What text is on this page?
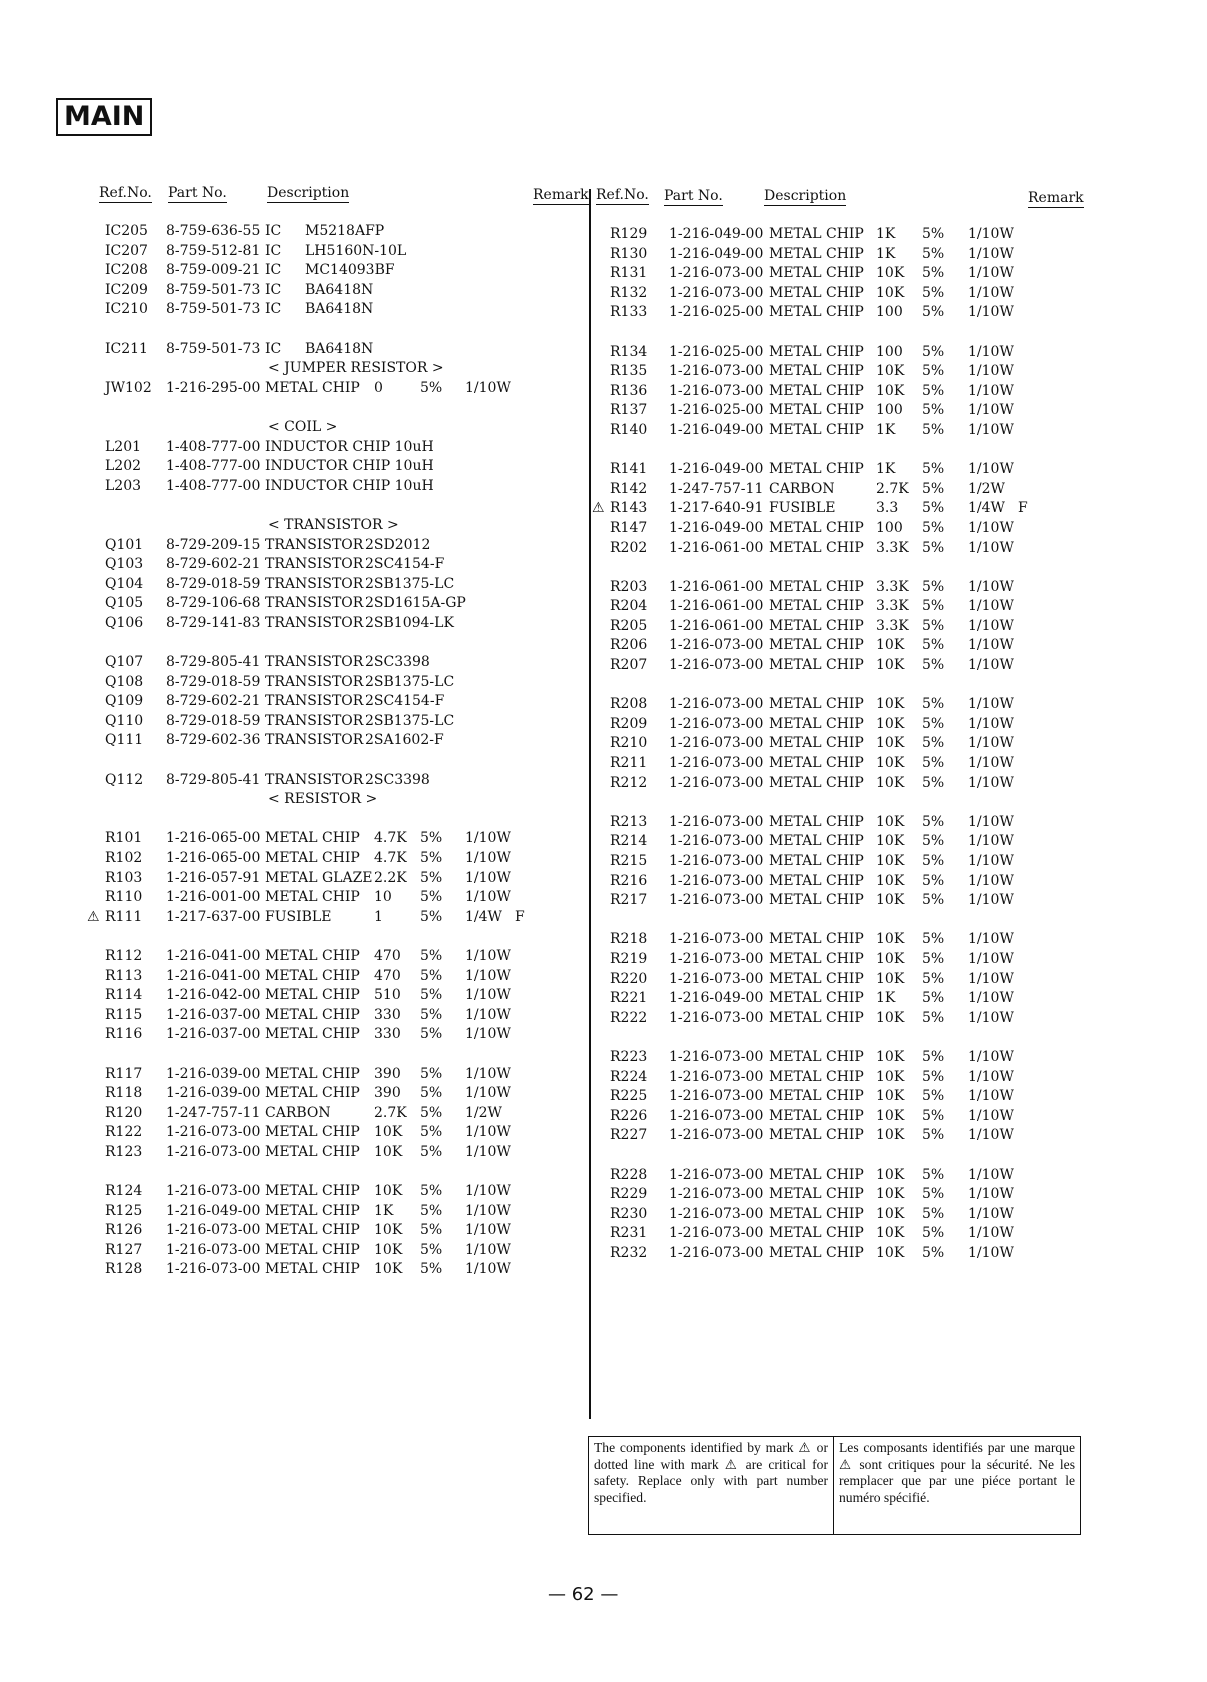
MAIN
Ref.No. Part No.	Description	Remark Ref.No. Part No.	Description	Remark
IC205 8-759-636-55 IC M5218AFP
IC207 8-759-512-81 IC LH5160N-10L
IC208 8-759-009-21 IC MC14093BF
IC209 8-759-501-73 IC BA6418N
IC210 8-759-501-73 IC BA6418N
IC211 8-759-501-73 IC BA6418N
< JUMPER RESISTOR >
JW102 1-216-295-00 METAL CHIP 0	5% 1/10W
< COIL >
L201 1-408-777-00 INDUCTOR CHIP 10uH
L202 1-408-777-00 INDUCTOR CHIP 10uH
L203 1-408-777-00 INDUCTOR CHIP 10uH
< TRANSISTOR >
Q101 8-729-209-15 TRANSISTOR 2SD2012
Q103 8-729-602-21 TRANSISTOR 2SC4154-F
Q104 8-729-018-59 TRANSISTOR 2SB1375-LC
Q105 8-729-106-68 TRANSISTOR 2SD1615A-GP
Q106 8-729-141-83 TRANSISTOR 2SB1094-LK
Q107 8-729-805-41 TRANSISTOR 2SC3398
Q108 8-729-018-59 TRANSISTOR 2SB1375-LC
Q109 8-729-602-21 TRANSISTOR 2SC4154-F
Q110 8-729-018-59 TRANSISTOR 2SB1375-LC
Q111 8-729-602-36 TRANSISTOR 2SA1602-F
Q112 8-729-805-41 TRANSISTOR 2SC3398
< RESISTOR >
R101 1-216-065-00 METAL CHIP 4.7K 5% 1/10W
R102 1-216-065-00 METAL CHIP 4.7K 5% 1/10W
R103 1-216-057-91 METAL GLAZE 2.2K 5% 1/10W
R110 1-216-001-00 METAL CHIP 10 5% 1/10W
⚠ R111 1-217-637-00 FUSIBLE	1	5% 1/4W F
R112 1-216-041-00 METAL CHIP 470 5% 1/10W
R113 1-216-041-00 METAL CHIP 470 5% 1/10W
R114 1-216-042-00 METAL CHIP 510 5% 1/10W
R115 1-216-037-00 METAL CHIP 330 5% 1/10W
R116 1-216-037-00 METAL CHIP 330 5% 1/10W
R117 1-216-039-00 METAL CHIP 390 5% 1/10W
R118 1-216-039-00 METAL CHIP 390 5% 1/10W
R120 1-247-757-11 CARBON	2.7K 5% 1/2W
R122 1-216-073-00 METAL CHIP 10K 5% 1/10W
R123 1-216-073-00 METAL CHIP 10K 5% 1/10W
R124 1-216-073-00 METAL CHIP 10K 5% 1/10W
R125 1-216-049-00 METAL CHIP 1K 5% 1/10W
R126 1-216-073-00 METAL CHIP 10K 5% 1/10W
R127 1-216-073-00 METAL CHIP 10K 5% 1/10W
R128 1-216-073-00 METAL CHIP 10K 5% 1/10W
R129 1-216-049-00 METAL CHIP 1K 5% 1/10W
R130 1-216-049-00 METAL CHIP 1K 5% 1/10W
R131 1-216-073-00 METAL CHIP 10K 5% 1/10W
R132 1-216-073-00 METAL CHIP 10K 5% 1/10W
R133 1-216-025-00 METAL CHIP 100 5% 1/10W
R134 1-216-025-00 METAL CHIP 100 5% 1/10W
R135 1-216-073-00 METAL CHIP 10K 5% 1/10W
R136 1-216-073-00 METAL CHIP 10K 5% 1/10W
R137 1-216-025-00 METAL CHIP 100 5% 1/10W
R140 1-216-049-00 METAL CHIP 1K 5% 1/10W
R141 1-216-049-00 METAL CHIP 1K 5% 1/10W
R142 1-247-757-11 CARBON	2.7K 5% 1/2W
⚠ R143 1-217-640-91 FUSIBLE	3.3 5% 1/4W F
R147 1-216-049-00 METAL CHIP 100 5% 1/10W
R202 1-216-061-00 METAL CHIP 3.3K 5% 1/10W
R203 1-216-061-00 METAL CHIP 3.3K 5% 1/10W
R204 1-216-061-00 METAL CHIP 3.3K 5% 1/10W
R205 1-216-061-00 METAL CHIP 3.3K 5% 1/10W
R206 1-216-073-00 METAL CHIP 10K 5% 1/10W
R207 1-216-073-00 METAL CHIP 10K 5% 1/10W
R208 1-216-073-00 METAL CHIP 10K 5% 1/10W
R209 1-216-073-00 METAL CHIP 10K 5% 1/10W
R210 1-216-073-00 METAL CHIP 10K 5% 1/10W
R211 1-216-073-00 METAL CHIP 10K 5% 1/10W
R212 1-216-073-00 METAL CHIP 10K 5% 1/10W
R213 1-216-073-00 METAL CHIP 10K 5% 1/10W
R214 1-216-073-00 METAL CHIP 10K 5% 1/10W
R215 1-216-073-00 METAL CHIP 10K 5% 1/10W
R216 1-216-073-00 METAL CHIP 10K 5% 1/10W
R217 1-216-073-00 METAL CHIP 10K 5% 1/10W
R218 1-216-073-00 METAL CHIP 10K 5% 1/10W
R219 1-216-073-00 METAL CHIP 10K 5% 1/10W
R220 1-216-073-00 METAL CHIP 10K 5% 1/10W
R221 1-216-049-00 METAL CHIP 1K 5% 1/10W
R222 1-216-073-00 METAL CHIP 10K 5% 1/10W
R223 1-216-073-00 METAL CHIP 10K 5% 1/10W
R224 1-216-073-00 METAL CHIP 10K 5% 1/10W
R225 1-216-073-00 METAL CHIP 10K 5% 1/10W
R226 1-216-073-00 METAL CHIP 10K 5% 1/10W
R227 1-216-073-00 METAL CHIP 10K 5% 1/10W
R228 1-216-073-00 METAL CHIP 10K 5% 1/10W
R229 1-216-073-00 METAL CHIP 10K 5% 1/10W
R230 1-216-073-00 METAL CHIP 10K 5% 1/10W
R231 1-216-073-00 METAL CHIP 10K 5% 1/10W
R232 1-216-073-00 METAL CHIP 10K 5% 1/10W
The components identified by mark ⚠ or dotted line with mark ⚠ are critical for safety. Replace only with part number specified.
Les composants identifiés par une marque ⚠ sont critiques pour la sécurité. Ne les remplacer que par une piéce portant le numéro spécifié.
— 62 —
